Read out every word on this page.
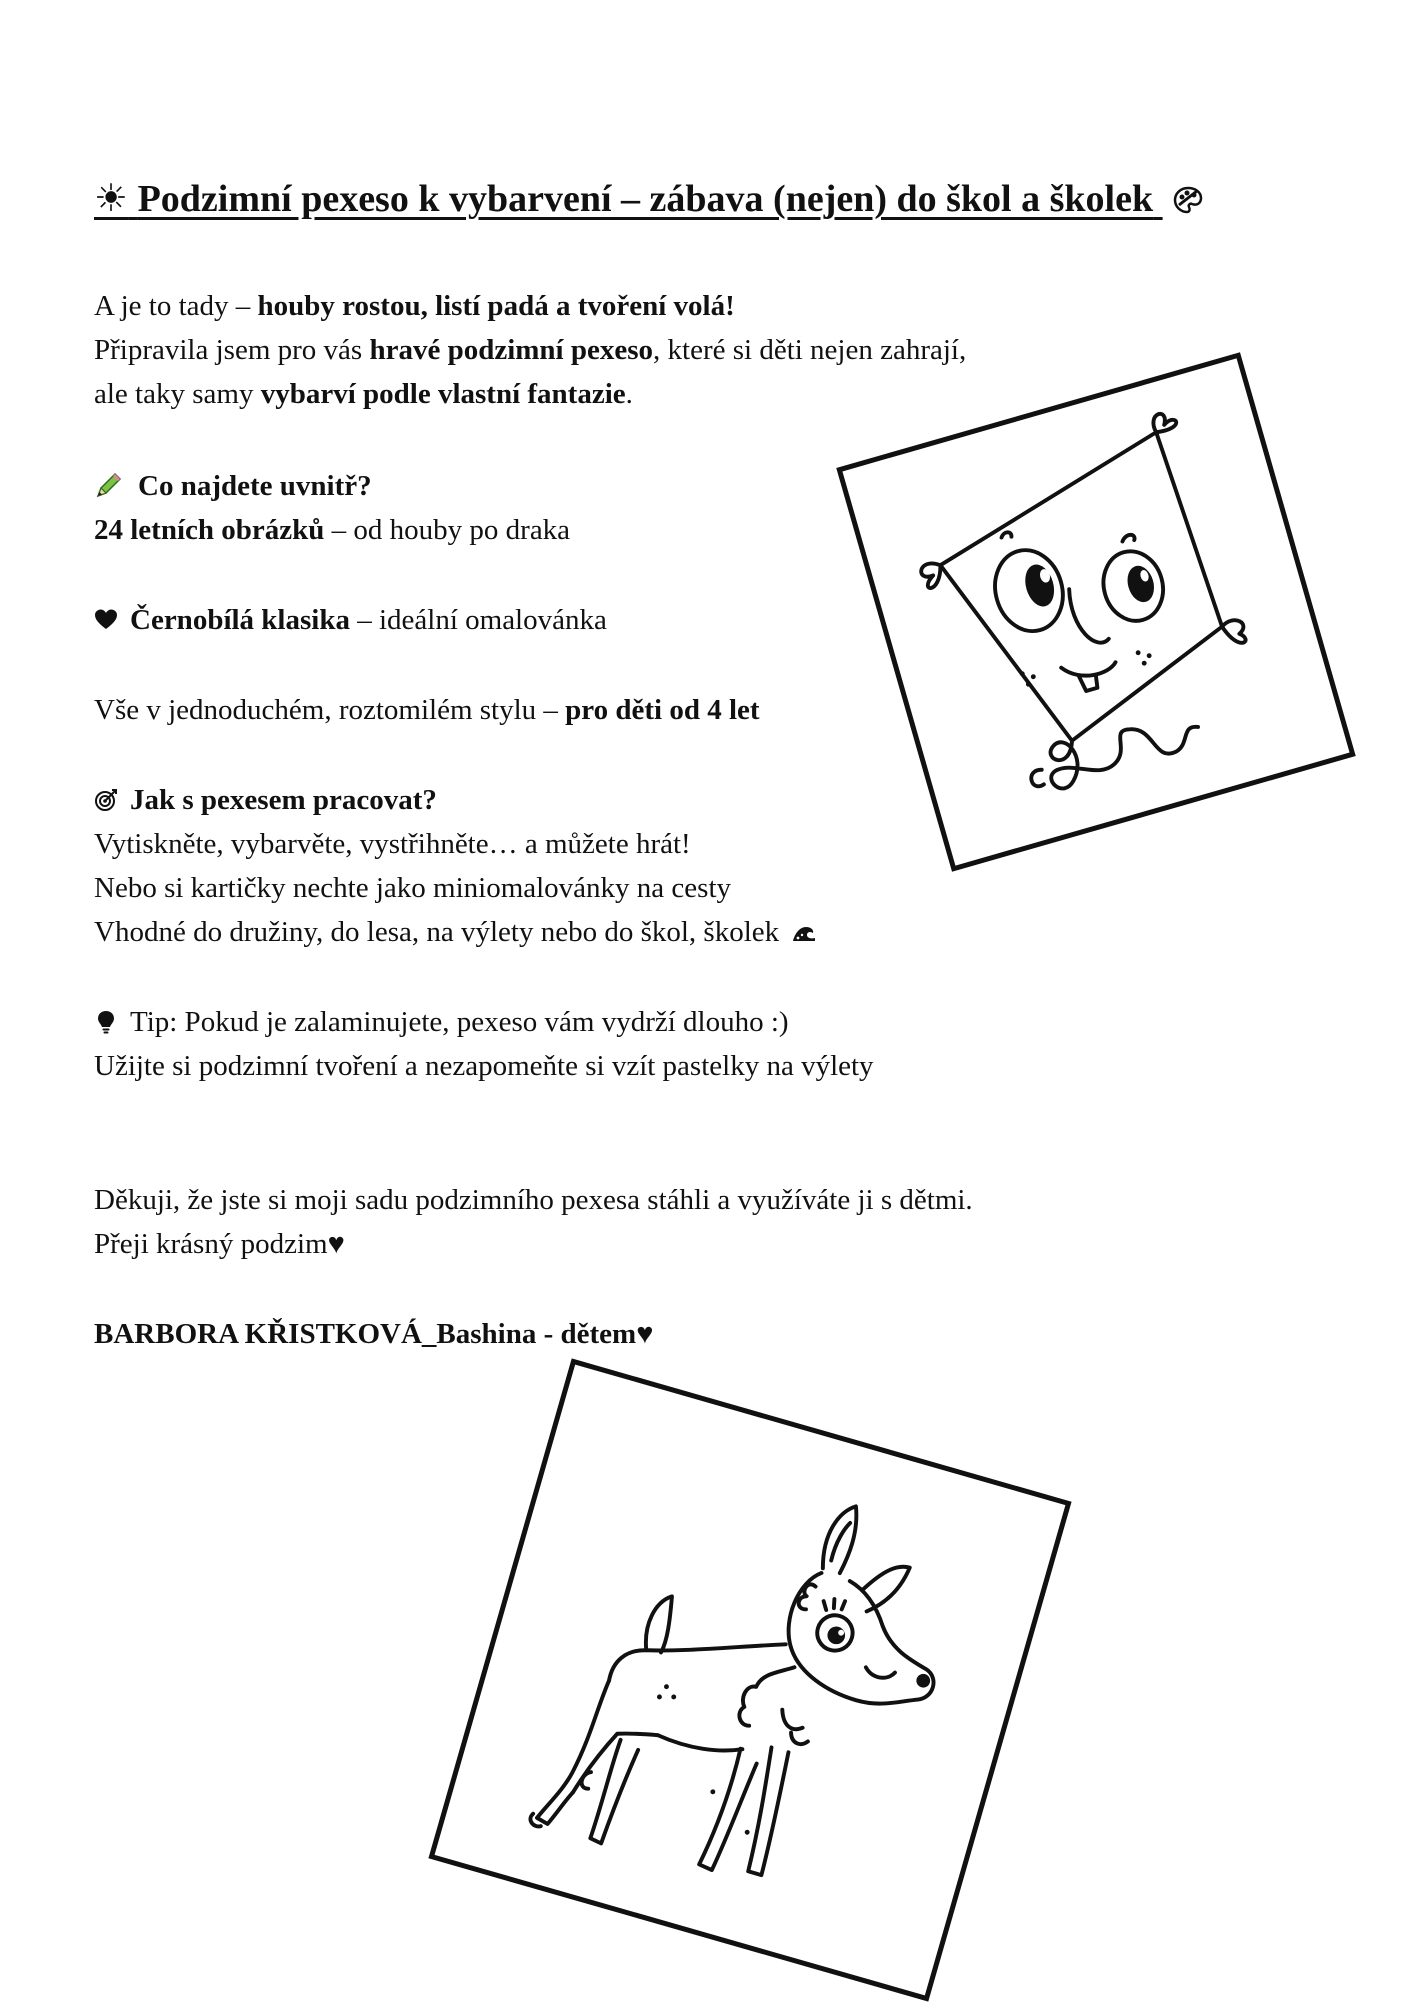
☀ Podzimní pexeso k vybarvení – zábava (nejen) do škol a školek

A je to tady – houby rostou, listí padá a tvoření volá!

Připravila jsem pro vás hravé podzimní pexeso, které si děti nejen zahrají,

ale taky samy vybarví podle vlastní fantazie.

Co najdete uvnitř?

24 letních obrázků – od houby po draka

Černobílá klasika – ideální omalovánka

Vše v jednoduchém, roztomilém stylu – pro děti od 4 let

Jak s pexesem pracovat?

Vytiskněte, vybarvěte, vystřihněte… a můžete hrát!

Nebo si kartičky nechte jako miniomalovánky na cesty

Vhodné do družiny, do lesa, na výlety nebo do škol, školek

Tip: Pokud je zalaminujete, pexeso vám vydrží dlouho :)

Užijte si podzimní tvoření a nezapomeňte si vzít pastelky na výlety

Děkuji, že jste si moji sadu podzimního pexesa stáhli a využíváte ji s dětmi.

Přeji krásný podzim♥

BARBORA KŘISTKOVÁ_Bashina - dětem♥
